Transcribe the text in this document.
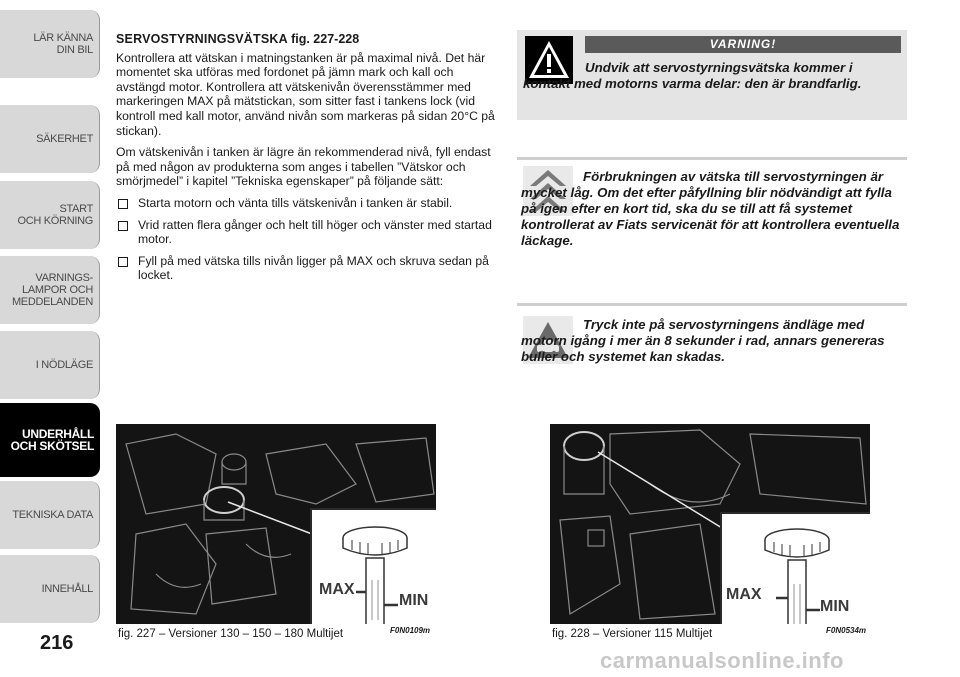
LÄR KÄNNA
DIN BIL
SÄKERHET
START
OCH KÖRNING
VARNINGS-
LAMPOR OCH
MEDDELANDEN
I NÖDLÄGE
UNDERHÅLL
OCH SKÖTSEL
TEKNISKA DATA
INNEHÅLL
216
SERVOSTYRNINGSVÄTSKA fig. 227-228

Kontrollera att vätskan i matningstanken är på maximal nivå. Det här momentet ska utföras med fordonet på jämn mark och kall och avstängd motor. Kontrollera att vätskenivån överensstämmer med markeringen MAX på mätstickan, som sitter fast i tankens lock (vid kontroll med kall motor, använd nivån som markeras på sidan 20°C på stickan).

Om vätskenivån i tanken är lägre än rekommenderad nivå, fyll endast på med någon av produkterna som anges i tabellen ”Vätskor och smörjmedel” i kapitel ”Tekniska egenskaper” på följande sätt:

Starta motorn och vänta tills vätskenivån i tanken är stabil.
Vrid ratten flera gånger och helt till höger och vänster med startad motor.
Fyll på med vätska tills nivån ligger på MAX och skruva sedan på locket.
VARNING!
Undvik att servostyrningsvätska kommer i kontakt med motorns varma delar: den är brandfarlig.
Förbrukningen av vätska till servostyrningen är mycket låg. Om det efter påfyllning blir nödvändigt att fylla på igen efter en kort tid, ska du se till att få systemet kontrollerat av Fiats servicenät för att kontrollera eventuella läckage.
Tryck inte på servostyrningens ändläge med motorn igång i mer än 8 sekunder i rad, annars genereras buller och systemet kan skadas.
MAX
MIN
fig. 227 – Versioner 130 – 150 – 180 Multijet	F0N0109m
MAX
MIN
fig. 228 – Versioner 115 Multijet	F0N0534m
carmanualsonline.info
